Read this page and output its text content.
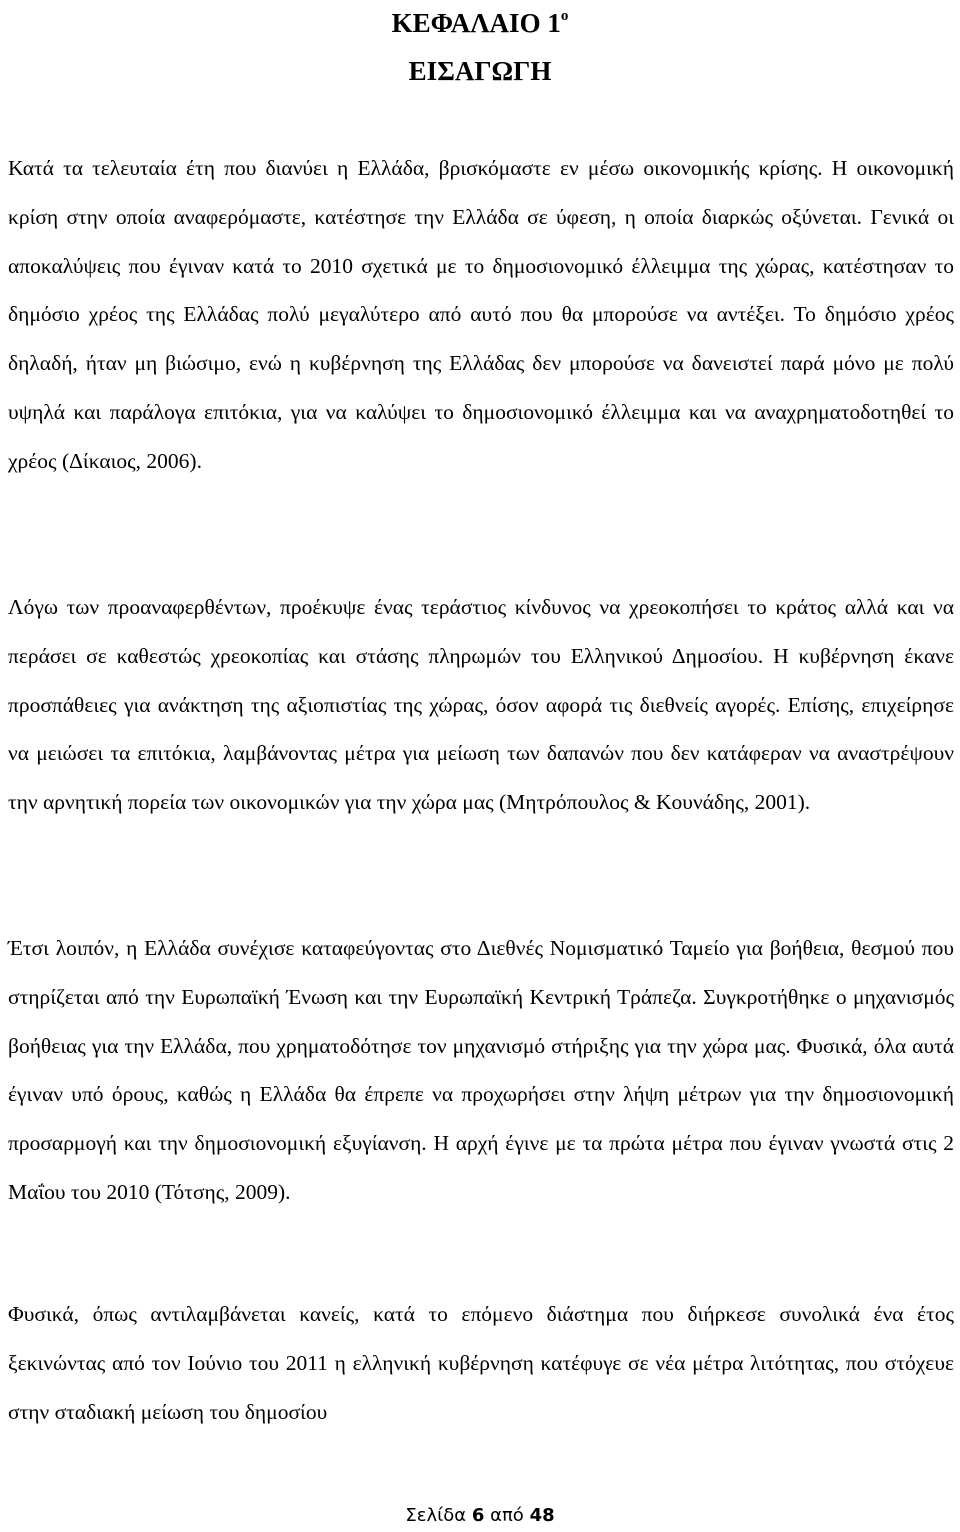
ΚΕΦΑΛΑΙΟ $1^o$
ΕΙΣΑΓΩΓΗ

Κατά τα τελευταία έτη που διανύει η Ελλάδα, βρισκόμαστε εν μέσω οικονομικής κρίσης. Η οικονομική κρίση στην οποία αναφερόμαστε, κατέστησε την Ελλάδα σε ύφεση, η οποία διαρκώς οξύνεται. Γενικά οι αποκαλύψεις που έγιναν κατά το 2010 σχετικά με το δημοσιονομικό έλλειμμα της χώρας, κατέστησαν το δημόσιο χρέος της Ελλάδας πολύ μεγαλύτερο από αυτό που θα μπορούσε να αντέξει. Το δημόσιο χρέος δηλαδή, ήταν μη βιώσιμο, ενώ η κυβέρνηση της Ελλάδας δεν μπορούσε να δανειστεί παρά μόνο με πολύ υψηλά και παράλογα επιτόκια, για να καλύψει το δημοσιονομικό έλλειμμα και να αναχρηματοδοτηθεί το χρέος (Δίκαιος, 2006).

Λόγω των προαναφερθέντων, προέκυψε ένας τεράστιος κίνδυνος να χρεοκοπήσει το κράτος αλλά και να περάσει σε καθεστώς χρεοκοπίας και στάσης πληρωμών του Ελληνικού Δημοσίου. Η κυβέρνηση έκανε προσπάθειες για ανάκτηση της αξιοπιστίας της χώρας, όσον αφορά τις διεθνείς αγορές. Επίσης, επιχείρησε να μειώσει τα επιτόκια, λαμβάνοντας μέτρα για μείωση των δαπανών που δεν κατάφεραν να αναστρέψουν την αρνητική πορεία των οικονομικών για την χώρα μας (Μητρόπουλος & Κουνάδης, 2001).

Έτσι λοιπόν, η Ελλάδα συνέχισε καταφεύγοντας στο Διεθνές Νομισματικό Ταμείο για βοήθεια, θεσμού που στηρίζεται από την Ευρωπαϊκή Ένωση και την Ευρωπαϊκή Κεντρική Τράπεζα. Συγκροτήθηκε ο μηχανισμός βοήθειας για την Ελλάδα, που χρηματοδότησε τον μηχανισμό στήριξης για την χώρα μας. Φυσικά, όλα αυτά έγιναν υπό όρους, καθώς η Ελλάδα θα έπρεπε να προχωρήσει στην λήψη μέτρων για την δημοσιονομική προσαρμογή και την δημοσιονομική εξυγίανση. Η αρχή έγινε με τα πρώτα μέτρα που έγιναν γνωστά στις 2 Μαΐου του 2010 (Τότσης, 2009).

Φυσικά, όπως αντιλαμβάνεται κανείς, κατά το επόμενο διάστημα που διήρκεσε συνολικά ένα έτος ξεκινώντας από τον Ιούνιο του 2011 η ελληνική κυβέρνηση κατέφυγε σε νέα μέτρα λιτότητας, που στόχευε στην σταδιακή μείωση του δημοσίου

Σελίδα 6 από 48
